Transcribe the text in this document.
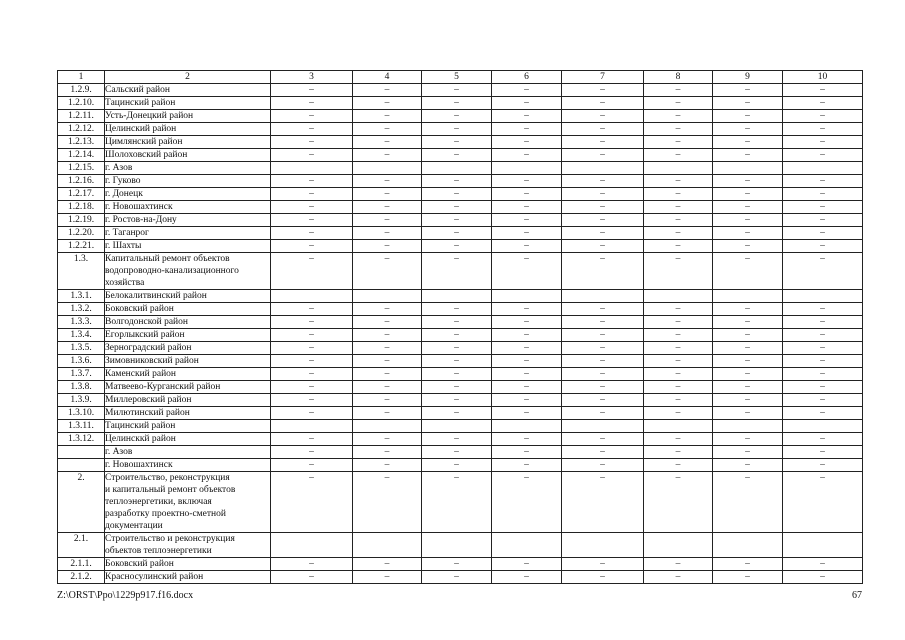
1	2	3	4	5	6	7	8	9	10
1.2.9.	Сальский район	–	–	–	–	–	–	–	–
1.2.10.	Тацинский район	–	–	–	–	–	–	–	–
1.2.11.	Усть-Донецкий район	–	–	–	–	–	–	–	–
1.2.12.	Целинский район	–	–	–	–	–	–	–	–
1.2.13.	Цимлянский район	–	–	–	–	–	–	–	–
1.2.14.	Шолоховский район	–	–	–	–	–	–	–	–
1.2.15.	г. Азов								
1.2.16.	г. Гуково	–	–	–	–	–	–	–	–
1.2.17.	г. Донецк	–	–	–	–	–	–	–	–
1.2.18.	г. Новошахтинск	–	–	–	–	–	–	–	–
1.2.19.	г. Ростов-на-Дону	–	–	–	–	–	–	–	–
1.2.20.	г. Таганрог	–	–	–	–	–	–	–	–
1.2.21.	г. Шахты	–	–	–	–	–	–	–	–
1.3.	Капитальный ремонт объектов
водопроводно-канализационного
хозяйства	–	–	–	–	–	–	–	–
1.3.1.	Белокалитвинский район								
1.3.2.	Боковский район	–	–	–	–	–	–	–	–
1.3.3.	Волгодонской район	–	–	–	–	–	–	–	–
1.3.4.	Егорлыкский район	–	–	–	–	–	–	–	–
1.3.5.	Зерноградский район	–	–	–	–	–	–	–	–
1.3.6.	Зимовниковский район	–	–	–	–	–	–	–	–
1.3.7.	Каменский район	–	–	–	–	–	–	–	–
1.3.8.	Матвеево-Курганский район	–	–	–	–	–	–	–	–
1.3.9.	Миллеровский район	–	–	–	–	–	–	–	–
1.3.10.	Милютинский район	–	–	–	–	–	–	–	–
1.3.11.	Тацинский район								
1.3.12.	Целинсккй район	–	–	–	–	–	–	–	–
	г. Азов	–	–	–	–	–	–	–	–
	г. Новошахтинск	–	–	–	–	–	–	–	–
2.	Строительство, реконструкция
и капитальный ремонт объектов
теплоэнергетики, включая
разработку проектно-сметной
документации	–	–	–	–	–	–	–	–
2.1.	Строительство и реконструкция
объектов теплоэнергетики								
2.1.1.	Боковский район	–	–	–	–	–	–	–	–
2.1.2.	Красносулинский район	–	–	–	–	–	–	–	–
Z:\ORST\Ppo\1229p917.f16.docx	67
